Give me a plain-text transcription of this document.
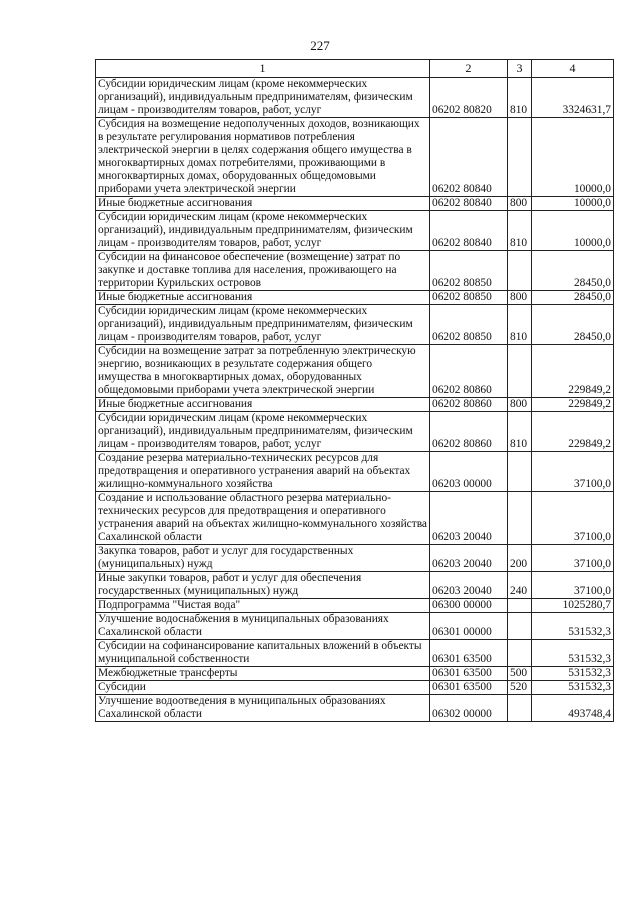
227
1	2	3	4
Субсидии юридическим лицам (кроме некоммерческих организаций), индивидуальным предпринимателям, физическим лицам - производителям товаров, работ, услуг	06202 80820	810	3324631,7
Субсидия на возмещение недополученных доходов, возникающих в результате регулирования нормативов потребления электрической энергии в целях содержания общего имущества в многоквартирных домах потребителями, проживающими в многоквартирных домах, оборудованных общедомовыми приборами учета электрической энергии	06202 80840		10000,0
Иные бюджетные ассигнования	06202 80840	800	10000,0
Субсидии юридическим лицам (кроме некоммерческих организаций), индивидуальным предпринимателям, физическим лицам - производителям товаров, работ, услуг	06202 80840	810	10000,0
Субсидии на финансовое обеспечение (возмещение) затрат по закупке и доставке топлива для населения, проживающего на территории Курильских островов	06202 80850		28450,0
Иные бюджетные ассигнования	06202 80850	800	28450,0
Субсидии юридическим лицам (кроме некоммерческих организаций), индивидуальным предпринимателям, физическим лицам - производителям товаров, работ, услуг	06202 80850	810	28450,0
Субсидии на возмещение затрат за потребленную электрическую энергию, возникающих в результате содержания общего имущества в многоквартирных домах, оборудованных общедомовыми приборами учета электрической энергии	06202 80860		229849,2
Иные бюджетные ассигнования	06202 80860	800	229849,2
Субсидии юридическим лицам (кроме некоммерческих организаций), индивидуальным предпринимателям, физическим лицам - производителям товаров, работ, услуг	06202 80860	810	229849,2
Создание резерва материально-технических ресурсов для предотвращения и оперативного устранения аварий на объектах жилищно-коммунального хозяйства	06203 00000		37100,0
Создание и использование областного резерва материально-технических ресурсов для предотвращения и оперативного устранения аварий на объектах жилищно-коммунального хозяйства Сахалинской области	06203 20040		37100,0
Закупка товаров, работ и услуг для государственных (муниципальных) нужд	06203 20040	200	37100,0
Иные закупки товаров, работ и услуг для обеспечения государственных (муниципальных) нужд	06203 20040	240	37100,0
Подпрограмма "Чистая вода"	06300 00000		1025280,7
Улучшение водоснабжения в муниципальных образованиях Сахалинской области	06301 00000		531532,3
Субсидии на софинансирование капитальных вложений в объекты муниципальной собственности	06301 63500		531532,3
Межбюджетные трансферты	06301 63500	500	531532,3
Субсидии	06301 63500	520	531532,3
Улучшение водоотведения в муниципальных образованиях Сахалинской области	06302 00000		493748,4
